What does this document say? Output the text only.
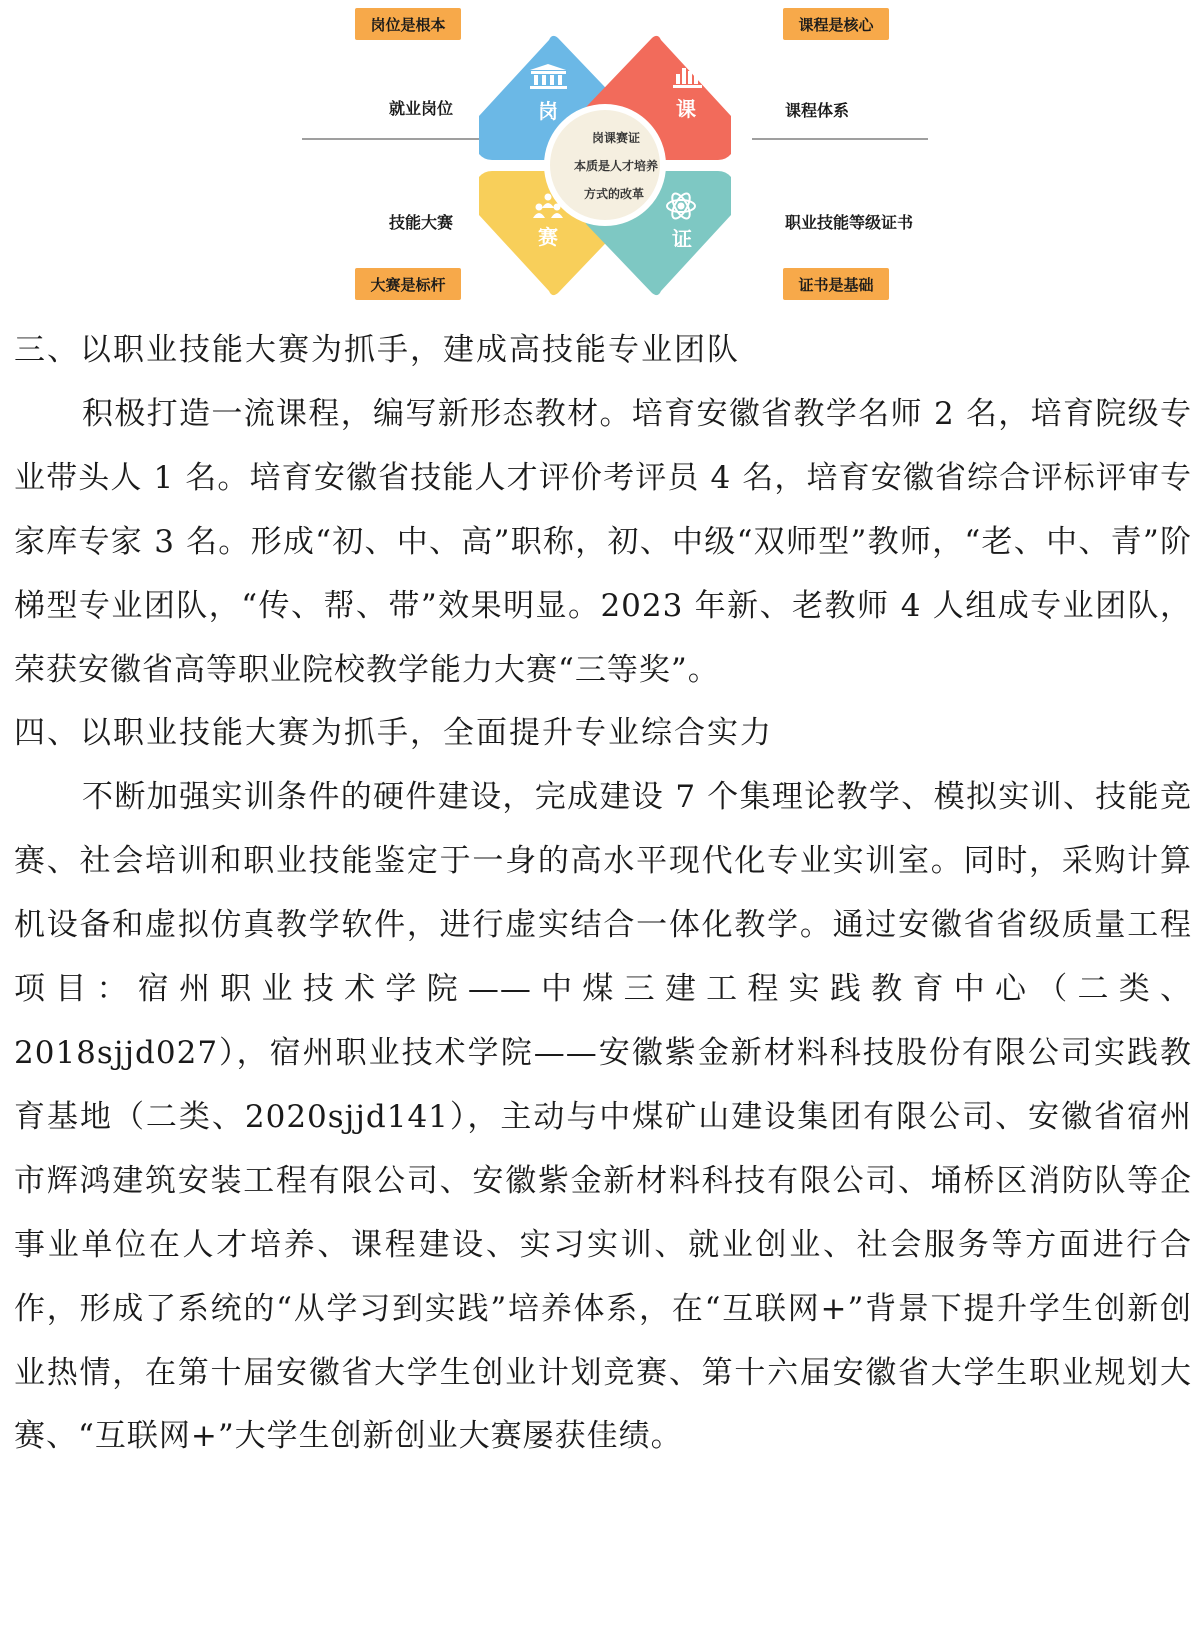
岗	课
赛	证
岗课赛证
本质是人才培养
方式的改革
就业岗位	课程体系
技能大赛	职业技能等级证书
岗位是根本	课程是核心
大赛是标杆	证书是基础

三、以职业技能大赛为抓手，建成高技能专业团队

积极打造一流课程，编写新形态教材。培育安徽省教学名师 2 名，培育院级专业带头人 1 名。培育安徽省技能人才评价考评员 4 名，培育安徽省综合评标评审专家库专家 3 名。形成“初、中、高”职称，初、中级“双师型”教师，“老、中、青”阶梯型专业团队，“传、帮、带”效果明显。2023 年新、老教师 4 人组成专业团队，荣获安徽省高等职业院校教学能力大赛“三等奖”。

四、以职业技能大赛为抓手，全面提升专业综合实力

不断加强实训条件的硬件建设，完成建设 7 个集理论教学、模拟实训、技能竞赛、社会培训和职业技能鉴定于一身的高水平现代化专业实训室。同时，采购计算机设备和虚拟仿真教学软件，进行虚实结合一体化教学。通过安徽省省级质量工程项目：宿州职业技术学院——中煤三建工程实践教育中心（二类、2018sjjd027），宿州职业技术学院——安徽紫金新材料科技股份有限公司实践教育基地（二类、2020sjjd141），主动与中煤矿山建设集团有限公司、安徽省宿州市辉鸿建筑安装工程有限公司、安徽紫金新材料科技有限公司、埇桥区消防队等企事业单位在人才培养、课程建设、实习实训、就业创业、社会服务等方面进行合作，形成了系统的“从学习到实践”培养体系，在“互联网+”背景下提升学生创新创业热情，在第十届安徽省大学生创业计划竞赛、第十六届安徽省大学生职业规划大赛、“互联网+”大学生创新创业大赛屡获佳绩。
